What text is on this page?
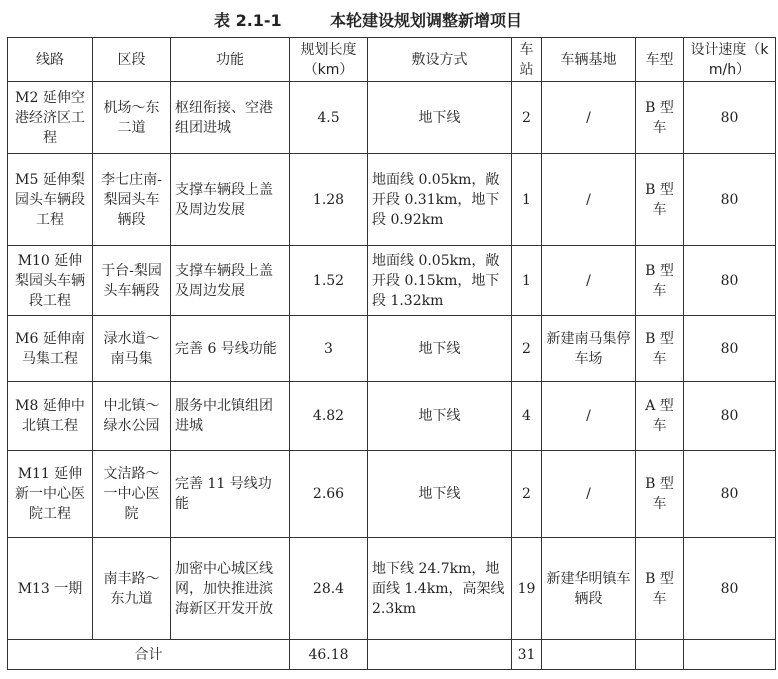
表 2.1-1	本轮建设规划调整新增项目
线路	区段	功能	规划长度（km）	敷设方式	车站	车辆基地	车型	设计速度（km/h）
M2 延伸空港经济区工程	机场～东二道	枢纽衔接、空港组团进城	4.5	地下线	2	/	B 型车	80
M5 延伸梨园头车辆段工程	李七庄南-梨园头车辆段	支撑车辆段上盖及周边发展	1.28	地面线 0.05km，敞开段 0.31km，地下段 0.92km	1	/	B 型车	80
M10 延伸梨园头车辆段工程	于台-梨园头车辆段	支撑车辆段上盖及周边发展	1.52	地面线 0.05km，敞开段 0.15km，地下段 1.32km	1	/	B 型车	80
M6 延伸南马集工程	渌水道～南马集	完善 6 号线功能	3	地下线	2	新建南马集停车场	B 型车	80
M8 延伸中北镇工程	中北镇～绿水公园	服务中北镇组团进城	4.82	地下线	4	/	A 型车	80
M11 延伸新一中心医院工程	文洁路～一中心医院	完善 11 号线功能	2.66	地下线	2	/	B 型车	80
M13 一期	南丰路～东九道	加密中心城区线网，加快推进滨海新区开发开放	28.4	地下线 24.7km，地面线 1.4km，高架线 2.3km	19	新建华明镇车辆段	B 型车	80
合计			46.18		31			
